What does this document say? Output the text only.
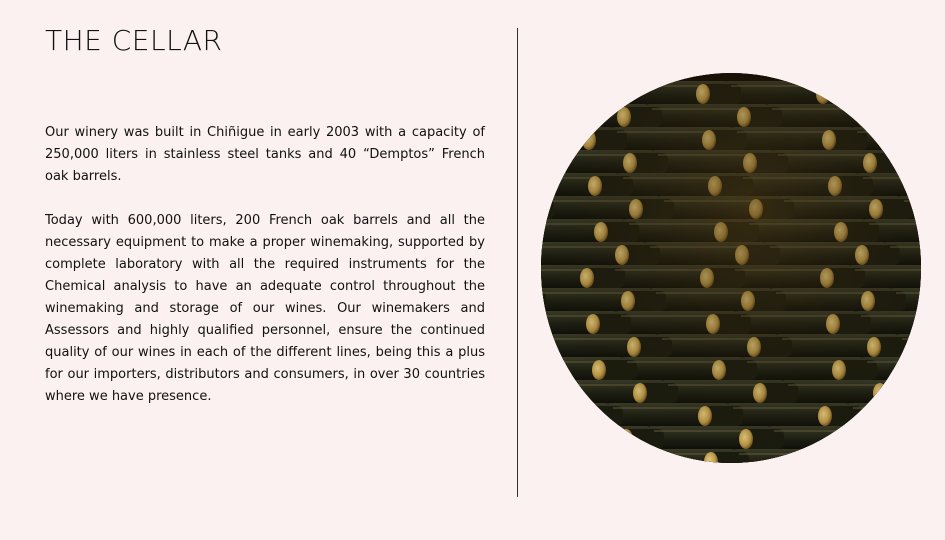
THE CELLAR

Our winery was built in Chiñigue in early 2003 with a capacity of 250,000 liters in stainless steel tanks and 40 “Demptos” French oak barrels.

Today with 600,000 liters, 200 French oak barrels and all the necessary equipment to make a proper winemaking, supported by complete laboratory with all the required instruments for the Chemical analysis to have an adequate control throughout the winemaking and storage of our wines. Our winemakers and Assessors and highly qualified personnel, ensure the continued quality of our wines in each of the different lines, being this a plus for our importers, distributors and consumers, in over 30 countries where we have presence.
